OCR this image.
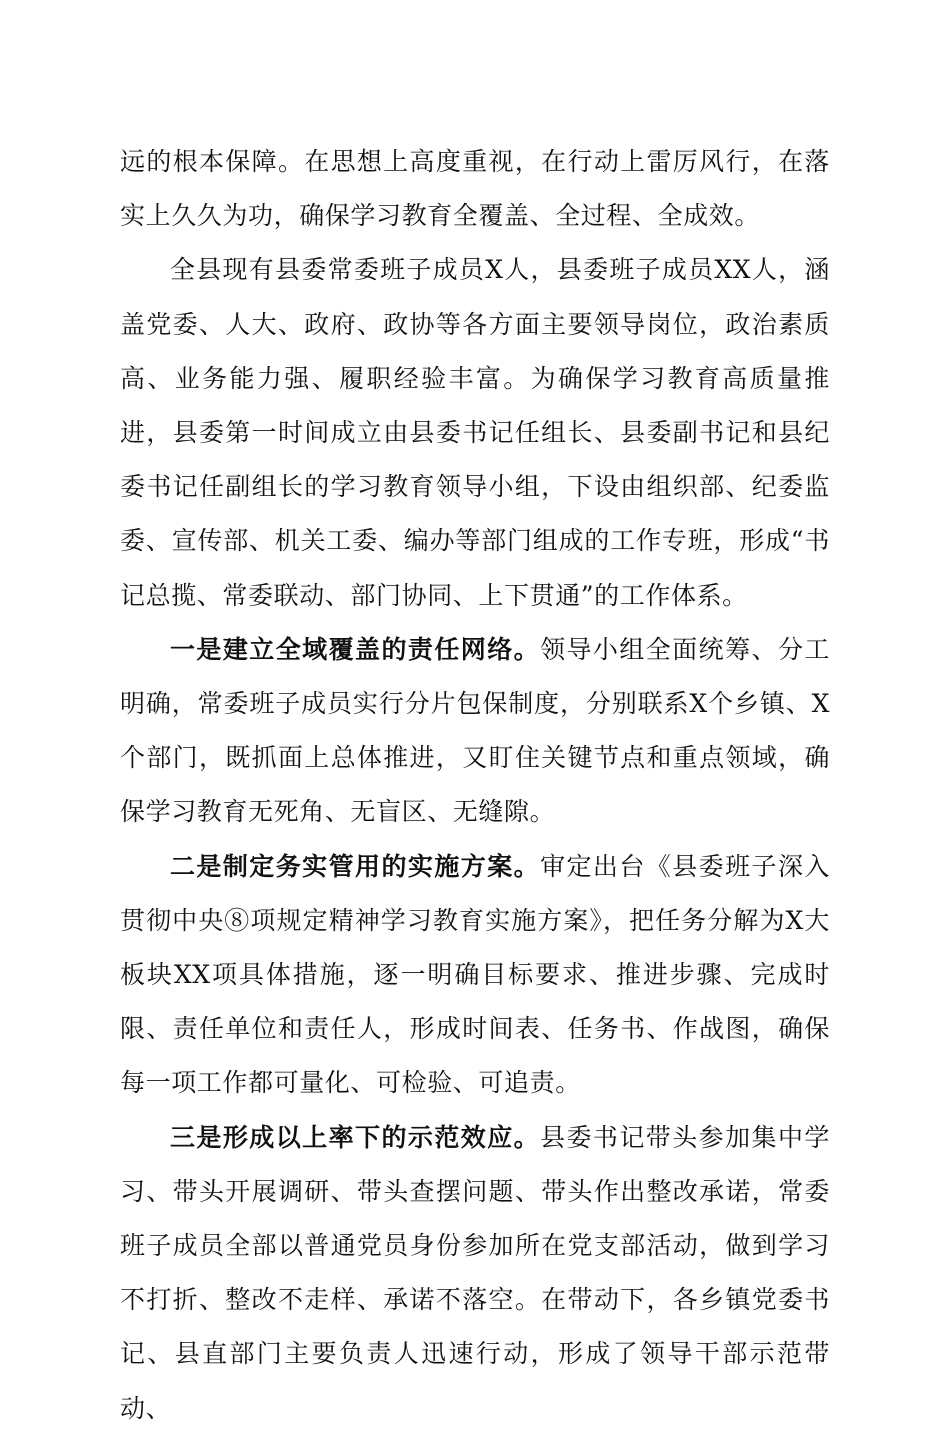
远的根本保障。在思想上高度重视，在行动上雷厉风行，在落实上久久为功，确保学习教育全覆盖、全过程、全成效。

全县现有县委常委班子成员X人，县委班子成员XX人，涵盖党委、人大、政府、政协等各方面主要领导岗位，政治素质高、业务能力强、履职经验丰富。为确保学习教育高质量推进，县委第一时间成立由县委书记任组长、县委副书记和县纪委书记任副组长的学习教育领导小组，下设由组织部、纪委监委、宣传部、机关工委、编办等部门组成的工作专班，形成“书记总揽、常委联动、部门协同、上下贯通”的工作体系。

一是建立全域覆盖的责任网络。领导小组全面统筹、分工明确，常委班子成员实行分片包保制度，分别联系X个乡镇、X个部门，既抓面上总体推进，又盯住关键节点和重点领域，确保学习教育无死角、无盲区、无缝隙。

二是制定务实管用的实施方案。审定出台《县委班子深入贯彻中央⑧项规定精神学习教育实施方案》，把任务分解为X大板块XX项具体措施，逐一明确目标要求、推进步骤、完成时限、责任单位和责任人，形成时间表、任务书、作战图，确保每一项工作都可量化、可检验、可追责。

三是形成以上率下的示范效应。县委书记带头参加集中学习、带头开展调研、带头查摆问题、带头作出整改承诺，常委班子成员全部以普通党员身份参加所在党支部活动，做到学习不打折、整改不走样、承诺不落空。在带动下，各乡镇党委书记、县直部门主要负责人迅速行动，形成了领导干部示范带动、
